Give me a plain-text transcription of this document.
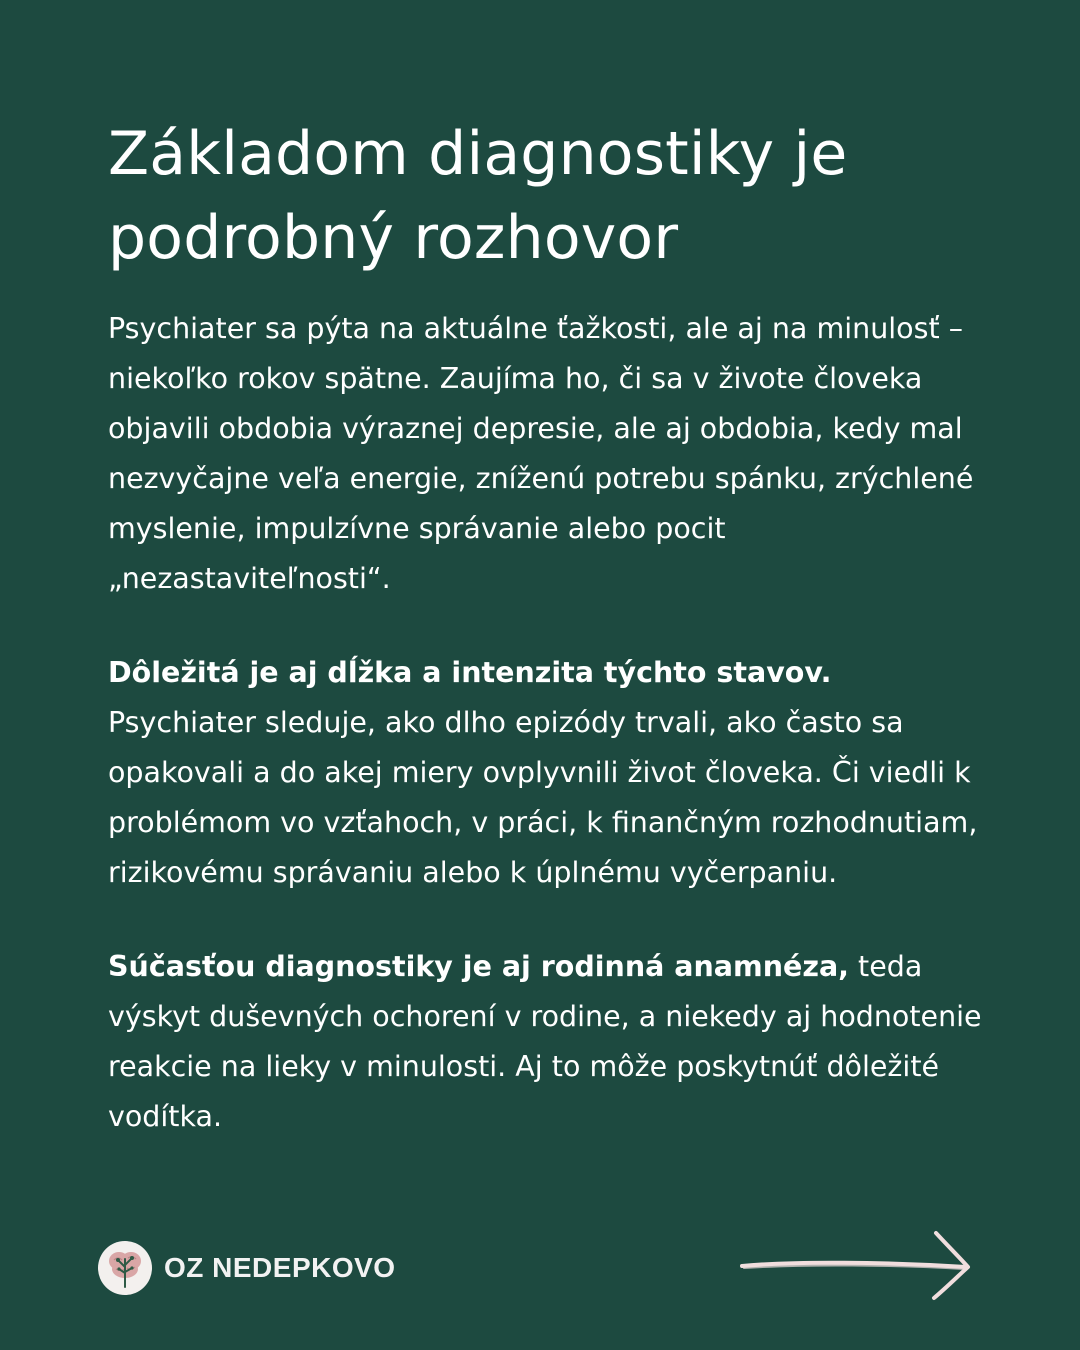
Základom diagnostiky je podrobný rozhovor

Psychiater sa pýta na aktuálne ťažkosti, ale aj na minulosť – niekoľko rokov spätne. Zaujíma ho, či sa v živote človeka objavili obdobia výraznej depresie, ale aj obdobia, kedy mal nezvyčajne veľa energie, zníženú potrebu spánku, zrýchlené myslenie, impulzívne správanie alebo pocit „nezastaviteľnosti“.

Dôležitá je aj dĺžka a intenzita týchto stavov. Psychiater sleduje, ako dlho epizódy trvali, ako často sa opakovali a do akej miery ovplyvnili život človeka. Či viedli k problémom vo vzťahoch, v práci, k finančným rozhodnutiam, rizikovému správaniu alebo k úplnému vyčerpaniu.

Súčasťou diagnostiky je aj rodinná anamnéza, teda výskyt duševných ochorení v rodine, a niekedy aj hodnotenie reakcie na lieky v minulosti. Aj to môže poskytnúť dôležité vodítka.

OZ NEDEPKOVO
